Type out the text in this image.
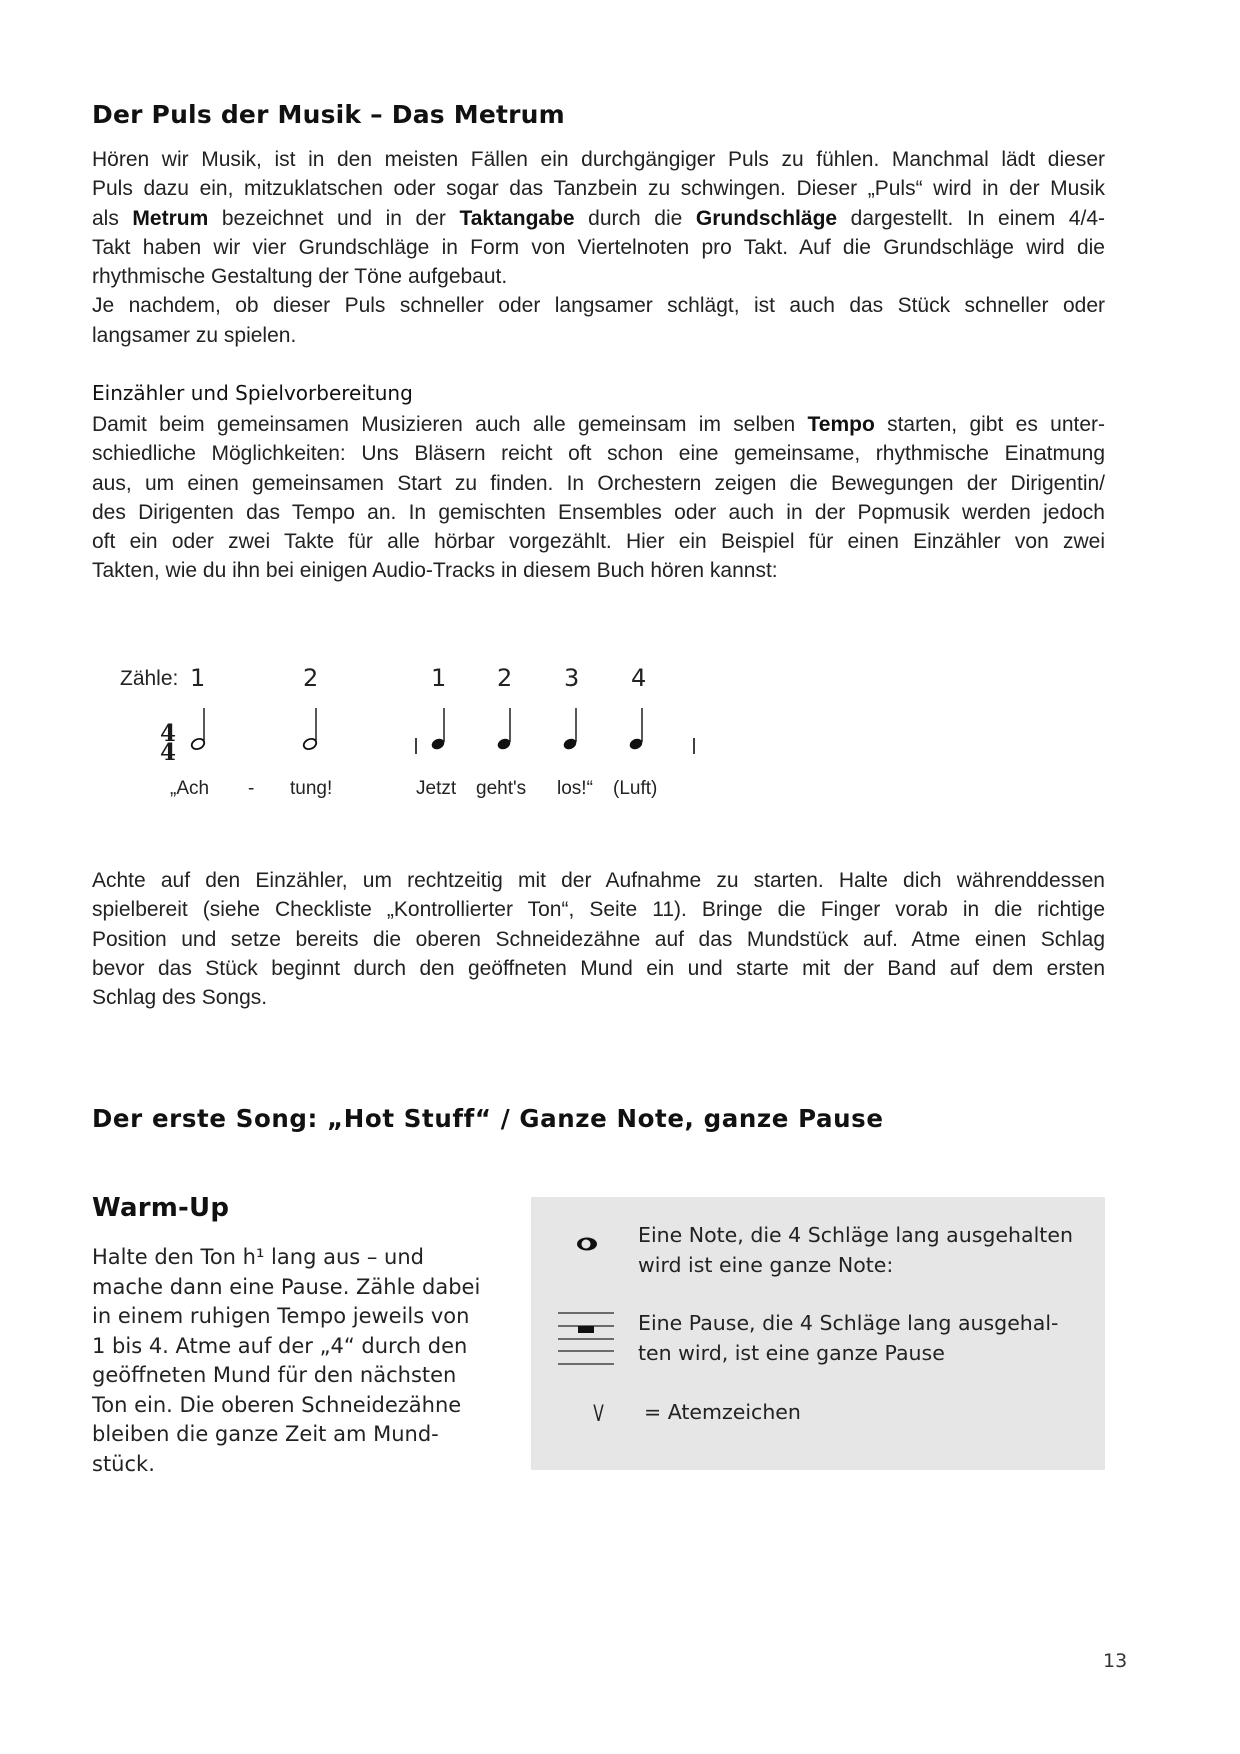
Der Puls der Musik – Das Metrum
Hören wir Musik, ist in den meisten Fällen ein durchgängiger Puls zu fühlen. Manchmal lädt dieser
Puls dazu ein, mitzuklatschen oder sogar das Tanzbein zu schwingen. Dieser „Puls“ wird in der Musik
als Metrum bezeichnet und in der Taktangabe durch die Grundschläge dargestellt. In einem 4/4-
Takt haben wir vier Grundschläge in Form von Viertelnoten pro Takt. Auf die Grundschläge wird die
rhythmische Gestaltung der Töne aufgebaut.
Je nachdem, ob dieser Puls schneller oder langsamer schlägt, ist auch das Stück schneller oder
langsamer zu spielen.
Einzähler und Spielvorbereitung
Damit beim gemeinsamen Musizieren auch alle gemeinsam im selben Tempo starten, gibt es unter-
schiedliche Möglichkeiten: Uns Bläsern reicht oft schon eine gemeinsame, rhythmische Einatmung
aus, um einen gemeinsamen Start zu finden. In Orchestern zeigen die Bewegungen der Dirigentin/
des Dirigenten das Tempo an. In gemischten Ensembles oder auch in der Popmusik werden jedoch
oft ein oder zwei Takte für alle hörbar vorgezählt. Hier ein Beispiel für einen Einzähler von zwei
Takten, wie du ihn bei einigen Audio-Tracks in diesem Buch hören kannst:
Zähle: 1	2	1 2 3 4
4
4
„Ach - tung!	Jetzt geht's los!“ (Luft)
Achte auf den Einzähler, um rechtzeitig mit der Aufnahme zu starten. Halte dich währenddessen
spielbereit (siehe Checkliste „Kontrollierter Ton“, Seite 11). Bringe die Finger vorab in die richtige
Position und setze bereits die oberen Schneidezähne auf das Mundstück auf. Atme einen Schlag
bevor das Stück beginnt durch den geöffneten Mund ein und starte mit der Band auf dem ersten
Schlag des Songs.
Der erste Song: „Hot Stuff“ / Ganze Note, ganze Pause
Warm-Up
Halte den Ton h¹ lang aus – und
mache dann eine Pause. Zähle dabei
in einem ruhigen Tempo jeweils von
1 bis 4. Atme auf der „4“ durch den
geöffneten Mund für den nächsten
Ton ein. Die oberen Schneidezähne
bleiben die ganze Zeit am Mund-
stück.
Eine Note, die 4 Schläge lang ausgehalten
wird ist eine ganze Note:
Eine Pause, die 4 Schläge lang ausgehal-
ten wird, ist eine ganze Pause
V = Atemzeichen
13
